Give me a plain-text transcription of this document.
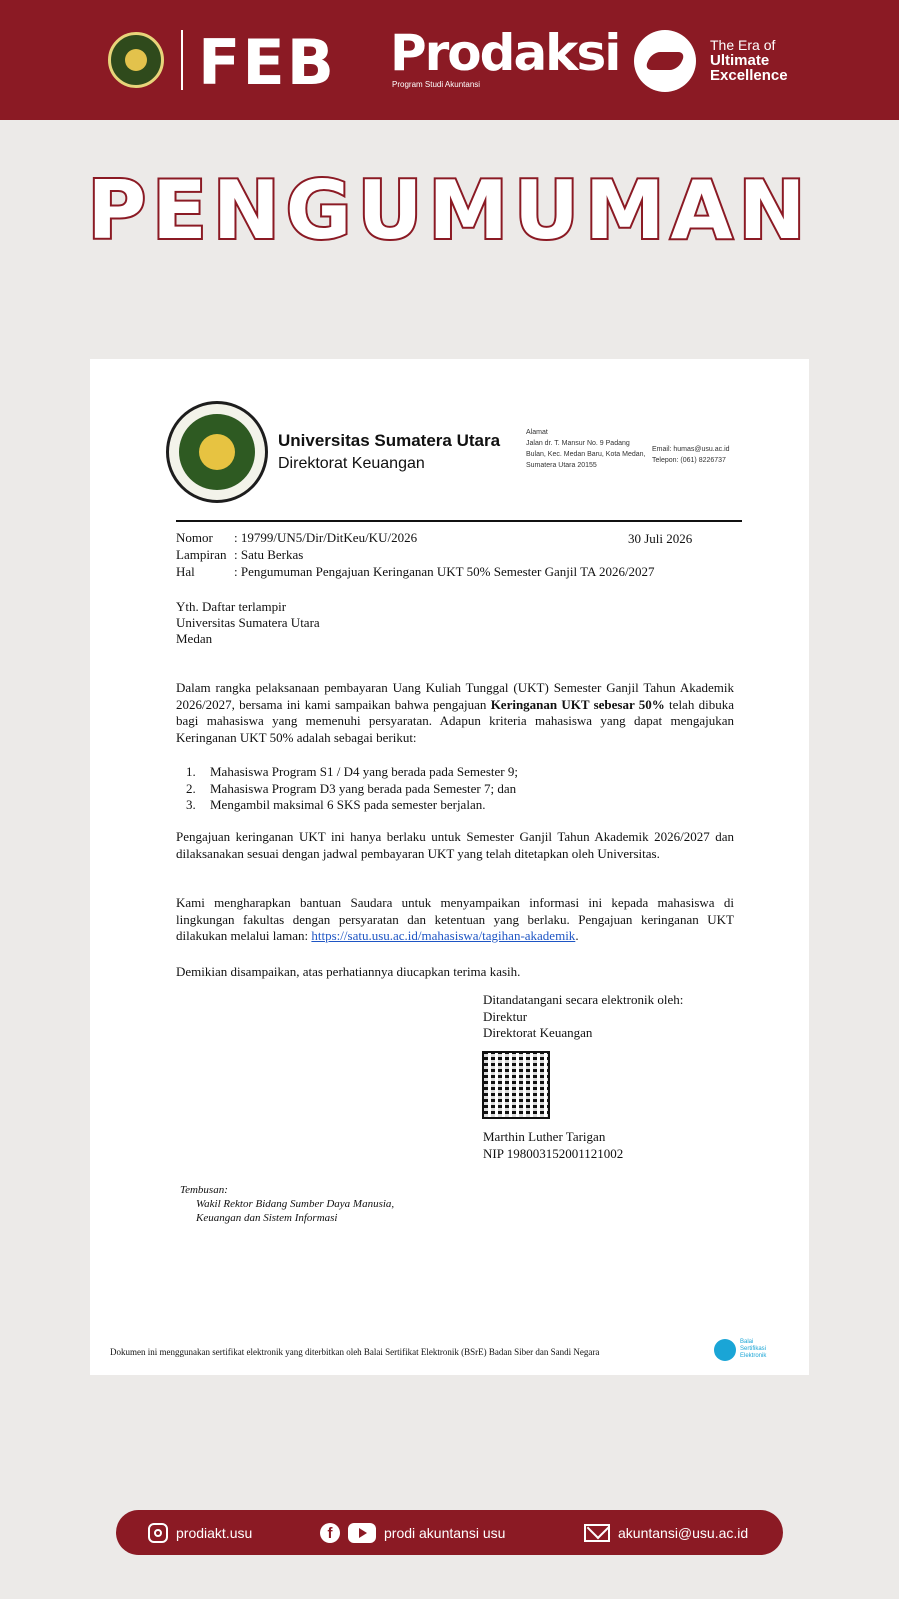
FEB Prodaksi
Program Studi Akuntansi
The Era of
Ultimate
Excellence
PENGUMUMAN
Universitas Sumatera Utara
Direktorat Keuangan
Alamat
Jalan dr. T. Mansur No. 9 Padang Bulan, Kec. Medan Baru, Kota Medan, Sumatera Utara 20155
Email: humas@usu.ac.id
Telepon: (061) 8226737
Nomor : 19799/UN5/Dir/DitKeu/KU/2026	30 Juli 2026
Lampiran : Satu Berkas
Hal	: Pengumuman Pengajuan Keringanan UKT 50% Semester Ganjil TA 2026/2027
Yth. Daftar terlampir
Universitas Sumatera Utara
Medan
Dalam rangka pelaksanaan pembayaran Uang Kuliah Tunggal (UKT) Semester Ganjil Tahun Akademik 2026/2027, bersama ini kami sampaikan bahwa pengajuan Keringanan UKT sebesar 50% telah dibuka bagi mahasiswa yang memenuhi persyaratan. Adapun kriteria mahasiswa yang dapat mengajukan Keringanan UKT 50% adalah sebagai berikut:
1. Mahasiswa Program S1 / D4 yang berada pada Semester 9;
2. Mahasiswa Program D3 yang berada pada Semester 7; dan
3. Mengambil maksimal 6 SKS pada semester berjalan.
Pengajuan keringanan UKT ini hanya berlaku untuk Semester Ganjil Tahun Akademik 2026/2027 dan dilaksanakan sesuai dengan jadwal pembayaran UKT yang telah ditetapkan oleh Universitas.
Kami mengharapkan bantuan Saudara untuk menyampaikan informasi ini kepada mahasiswa di lingkungan fakultas dengan persyaratan dan ketentuan yang berlaku. Pengajuan keringanan UKT dilakukan melalui laman: https://satu.usu.ac.id/mahasiswa/tagihan-akademik.
Demikian disampaikan, atas perhatiannya diucapkan terima kasih.
Ditandatangani secara elektronik oleh:
Direktur
Direktorat Keuangan
Marthin Luther Tarigan
NIP 198003152001121002
Tembusan:
Wakil Rektor Bidang Sumber Daya Manusia,
Keuangan dan Sistem Informasi
Dokumen ini menggunakan sertifikat elektronik yang diterbitkan oleh Balai Sertifikat Elektronik (BSrE) Badan Siber dan Sandi Negara
Balai
Sertifikasi
Elektronik
prodiakt.usu	f	prodi akuntansi usu	akuntansi@usu.ac.id
